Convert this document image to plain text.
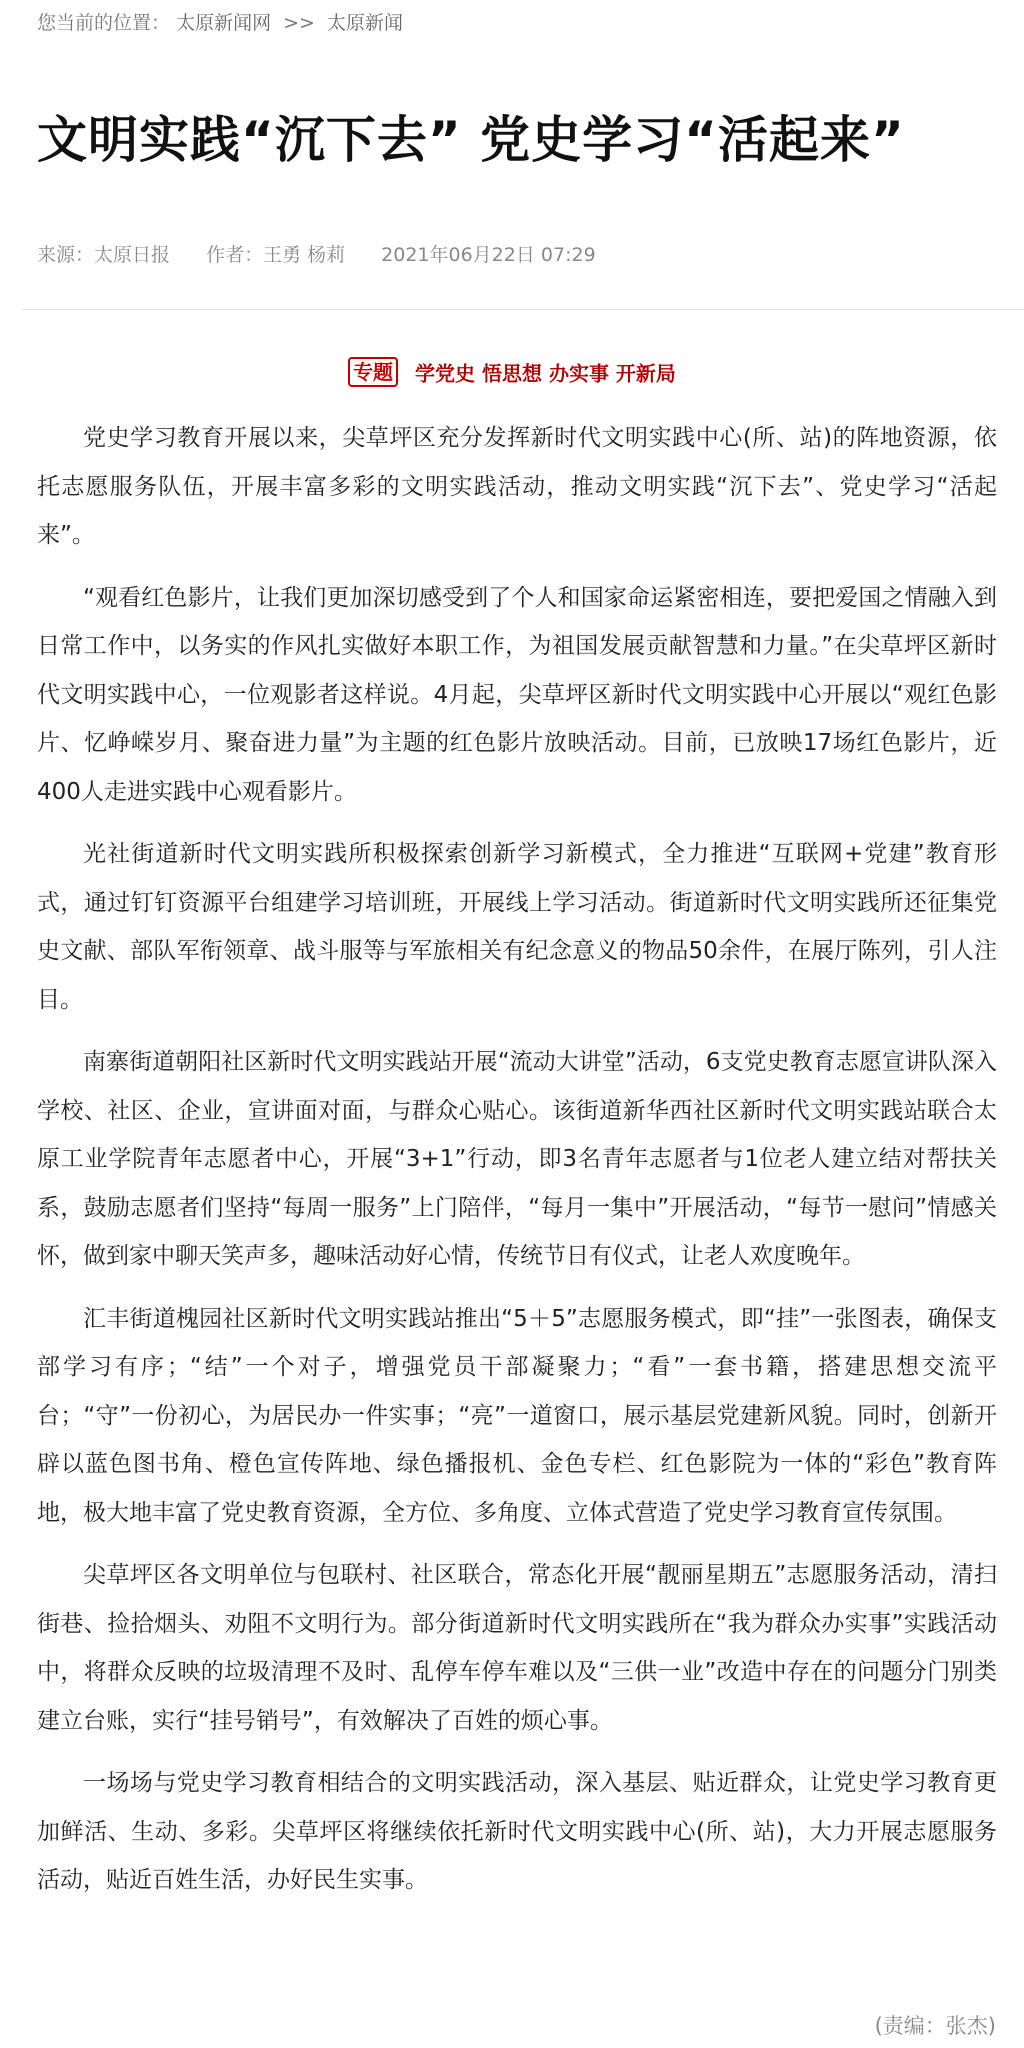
您当前的位置： 太原新闻网 >> 太原新闻
文明实践“沉下去” 党史学习“活起来”
来源：太原日报 作者：王勇 杨莉 2021年06月22日 07:29
专题 学党史 悟思想 办实事 开新局

党史学习教育开展以来，尖草坪区充分发挥新时代文明实践中心(所、站)的阵地资源，依托志愿服务队伍，开展丰富多彩的文明实践活动，推动文明实践“沉下去”、党史学习“活起来”。

“观看红色影片，让我们更加深切感受到了个人和国家命运紧密相连，要把爱国之情融入到日常工作中，以务实的作风扎实做好本职工作，为祖国发展贡献智慧和力量。”在尖草坪区新时代文明实践中心，一位观影者这样说。4月起，尖草坪区新时代文明实践中心开展以“观红色影片、忆峥嵘岁月、聚奋进力量”为主题的红色影片放映活动。目前，已放映17场红色影片，近400人走进实践中心观看影片。

光社街道新时代文明实践所积极探索创新学习新模式，全力推进“互联网+党建”教育形式，通过钉钉资源平台组建学习培训班，开展线上学习活动。街道新时代文明实践所还征集党史文献、部队军衔领章、战斗服等与军旅相关有纪念意义的物品50余件，在展厅陈列，引人注目。

南寨街道朝阳社区新时代文明实践站开展“流动大讲堂”活动，6支党史教育志愿宣讲队深入学校、社区、企业，宣讲面对面，与群众心贴心。该街道新华西社区新时代文明实践站联合太原工业学院青年志愿者中心，开展“3+1”行动，即3名青年志愿者与1位老人建立结对帮扶关系，鼓励志愿者们坚持“每周一服务”上门陪伴，“每月一集中”开展活动，“每节一慰问”情感关怀，做到家中聊天笑声多，趣味活动好心情，传统节日有仪式，让老人欢度晚年。

汇丰街道槐园社区新时代文明实践站推出“5＋5”志愿服务模式，即“挂”一张图表，确保支部学习有序；“结”一个对子，增强党员干部凝聚力；“看”一套书籍，搭建思想交流平台；“守”一份初心，为居民办一件实事；“亮”一道窗口，展示基层党建新风貌。同时，创新开辟以蓝色图书角、橙色宣传阵地、绿色播报机、金色专栏、红色影院为一体的“彩色”教育阵地，极大地丰富了党史教育资源，全方位、多角度、立体式营造了党史学习教育宣传氛围。

尖草坪区各文明单位与包联村、社区联合，常态化开展“靓丽星期五”志愿服务活动，清扫街巷、捡拾烟头、劝阻不文明行为。部分街道新时代文明实践所在“我为群众办实事”实践活动中，将群众反映的垃圾清理不及时、乱停车停车难以及“三供一业”改造中存在的问题分门别类建立台账，实行“挂号销号”，有效解决了百姓的烦心事。

一场场与党史学习教育相结合的文明实践活动，深入基层、贴近群众，让党史学习教育更加鲜活、生动、多彩。尖草坪区将继续依托新时代文明实践中心(所、站)，大力开展志愿服务活动，贴近百姓生活，办好民生实事。

(责编：张杰)
